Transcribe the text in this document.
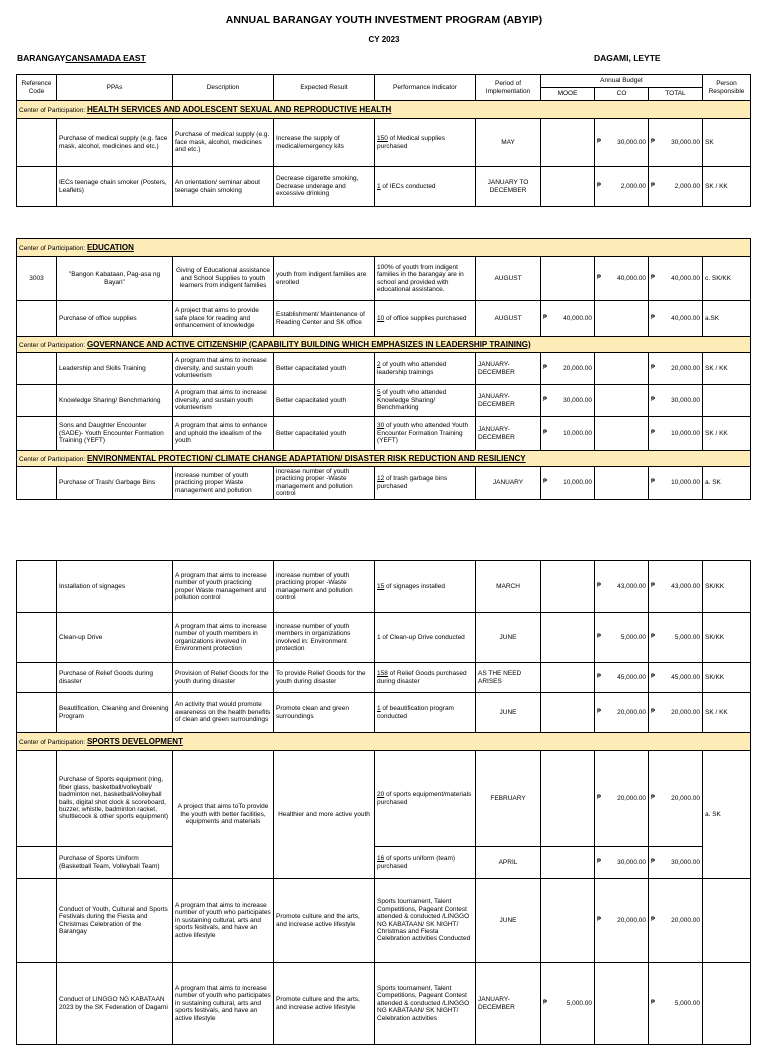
ANNUAL BARANGAY YOUTH INVESTMENT PROGRAM (ABYIP)
CY 2023
BARANGAYCANSAMADA EAST	DAGAMI, LEYTE
Reference Code	PPAs	Description	Expected Result	Performance Indicator	Period of Implementation	Annual Budget			Person Responsible
						MOOE	CO	TOTAL	
Center of Participation: HEALTH SERVICES AND ADOLESCENT SEXUAL AND REPRODUCTIVE HEALTH									
	Purchase of medical supply (e.g. face mask, alcohol, medicines and etc.)	Purchase of medical supply (e.g. face mask, alcohol, medicines and etc.)	Increase the supply of medical/emergency kits	150 of Medical supplies purchased	MAY		₱ 30,000.00	₱ 30,000.00	SK
	IECs teenage chain smoker (Posters, Leaflets)	An orientation/ seminar about teenage chain smoking	Decrease cigarette smoking, Decrease underage and excessive drinking	1 of IECs conducted	JANUARY TO DECEMBER		₱ 2,000.00	₱ 2,000.00	SK / KK
Center of Participation: EDUCATION									
3003	"Bangon Kabataan, Pag-asa ng Bayan"	Giving of Educational assistance and School Supplies to youth learners from indigent families	youth from indigent families are enrolled	100% of youth from indigent families in the barangay are in school and provided with educational assistance.	AUGUST		₱ 40,000.00	₱ 40,000.00	c. SK/KK
	Purchase of office supplies	A project that aims to provide safe place for reading and enhancement of knowledge	Establishment/ Maintenance of Reading Center and SK office	10 of office supplies purchased	AUGUST	₱ 40,000.00		₱ 40,000.00	a.SK
Center of Participation: GOVERNANCE AND ACTIVE CITIZENSHIP (CAPABILITY BUILDING WHICH EMPHASIZES IN LEADERSHIP TRAINING)									
	Leadership and Skills Training	A program that aims to increase diversity, and sustain youth volunteerism	Better capacitated youth	2 of youth who attended leadership trainings	JANUARY-DECEMBER	₱ 20,000.00		₱ 20,000.00	SK / KK
	Knowledge Sharing/ Benchmarking	A program that aims to increase diversity, and sustain youth volunteerism	Better capacitated youth	5 of youth who attended Knowledge Sharing/ Benchmarking	JANUARY-DECEMBER	₱ 30,000.00		₱ 30,000.00	
	Sons and Daughter Encounter (SADE)- Youth Encounter Formation Training (YEFT)	A program that aims to enhance and uphold the idealism of the youth	Better capacitated youth	30 of youth who attended Youth Encounter Formation Training (YEFT)	JANUARY-DECEMBER	₱ 10,000.00		₱ 10,000.00	SK / KK
Center of Participation: ENVIRONMENTAL PROTECTION/ CLIMATE CHANGE ADAPTATION/ DISASTER RISK REDUCTION AND RESILIENCY									
	Purchase of Trash/ Garbage Bins	increase number of youth practicing proper Waste management and pollution	increase number of youth practicing proper -Waste management and pollution control	12 of trash garbage bins purchased	JANUARY	₱ 10,000.00		₱ 10,000.00	a. SK
	Installation of signages	A program that aims to increase number of youth practicing proper Waste management and pollution control	increase number of youth practicing proper -Waste management and pollution control	15 of signages installed	MARCH		₱ 43,000.00	₱ 43,000.00	SK/KK
	Clean-up Drive	A program that aims to increase number of youth members in organizations involved in Environment protection	increase number of youth members in organizations involved in: Environment protection	1 of Clean-up Drive conducted	JUNE		₱ 5,000.00	₱ 5,000.00	SK/KK
	Purchase of Relief Goods during disaster	Provision of Relief Goods for the youth during disaster	To provide Relief Goods for the youth during disaster	158 of Relief Goods purchased during disaster	AS THE NEED ARISES		₱ 45,000.00	₱ 45,000.00	SK/KK
	Beautification, Cleaning and Greening Program	An activity that would promote awareness on the health benefits of clean and green surroundings	Promote clean and green surroundings	1 of beautification program conducted	JUNE		₱ 20,000.00	₱ 20,000.00	SK / KK
Center of Participation: SPORTS DEVELOPMENT									
	Purchase of Sports equipment (ring, fiber glass, basketball/volleyball/ badminton net, basketball/volleyball balls, digital shot clock & scoreboard, buzzer, whistle, badminton racket, shuttlecock & other sports equipment)	A project that aims toTo provide the youth with better facilities, equipments and materials	Healthier and more active youth	20 of sports equipment/materials purchased	FEBRUARY		₱ 20,000.00	₱ 20,000.00	a. SK
	Purchase of Sports Uniform (Basketball Team, Volleyball Team)			16 of sports uniform (team) purchased	APRIL		₱ 30,000.00	₱ 30,000.00	
	Conduct of Youth, Cultural and Sports Festivals during the Fiesta and Christmas Celebration of the Barangay	A program that aims to increase number of youth who participates in sustaining cultural, arts and sports festivals, and have an active lifestyle	Promote culture and the arts, and increase active lifestyle	Sports tournament, Talent Competitions, Pageant Contest attended & conducted /LINGGO NG KABATAAN/ SK NIGHT/ Christmas and Fiesta Celebration activities Conducted	JUNE		₱ 20,000.00	₱ 20,000.00	
	Conduct of LINGGO NG KABATAAN 2023 by the SK Federation of Dagami	A program that aims to increase number of youth who participates in sustaining cultural, arts and sports festivals, and have an active lifestyle	Promote culture and the arts, and increase active lifestyle	Sports tournament, Talent Competitions, Pageant Contest attended & conducted /LINGGO NG KABATAAN/ SK NIGHT/ Celebration activities	JANUARY-DECEMBER	₱ 5,000.00		₱ 5,000.00	
